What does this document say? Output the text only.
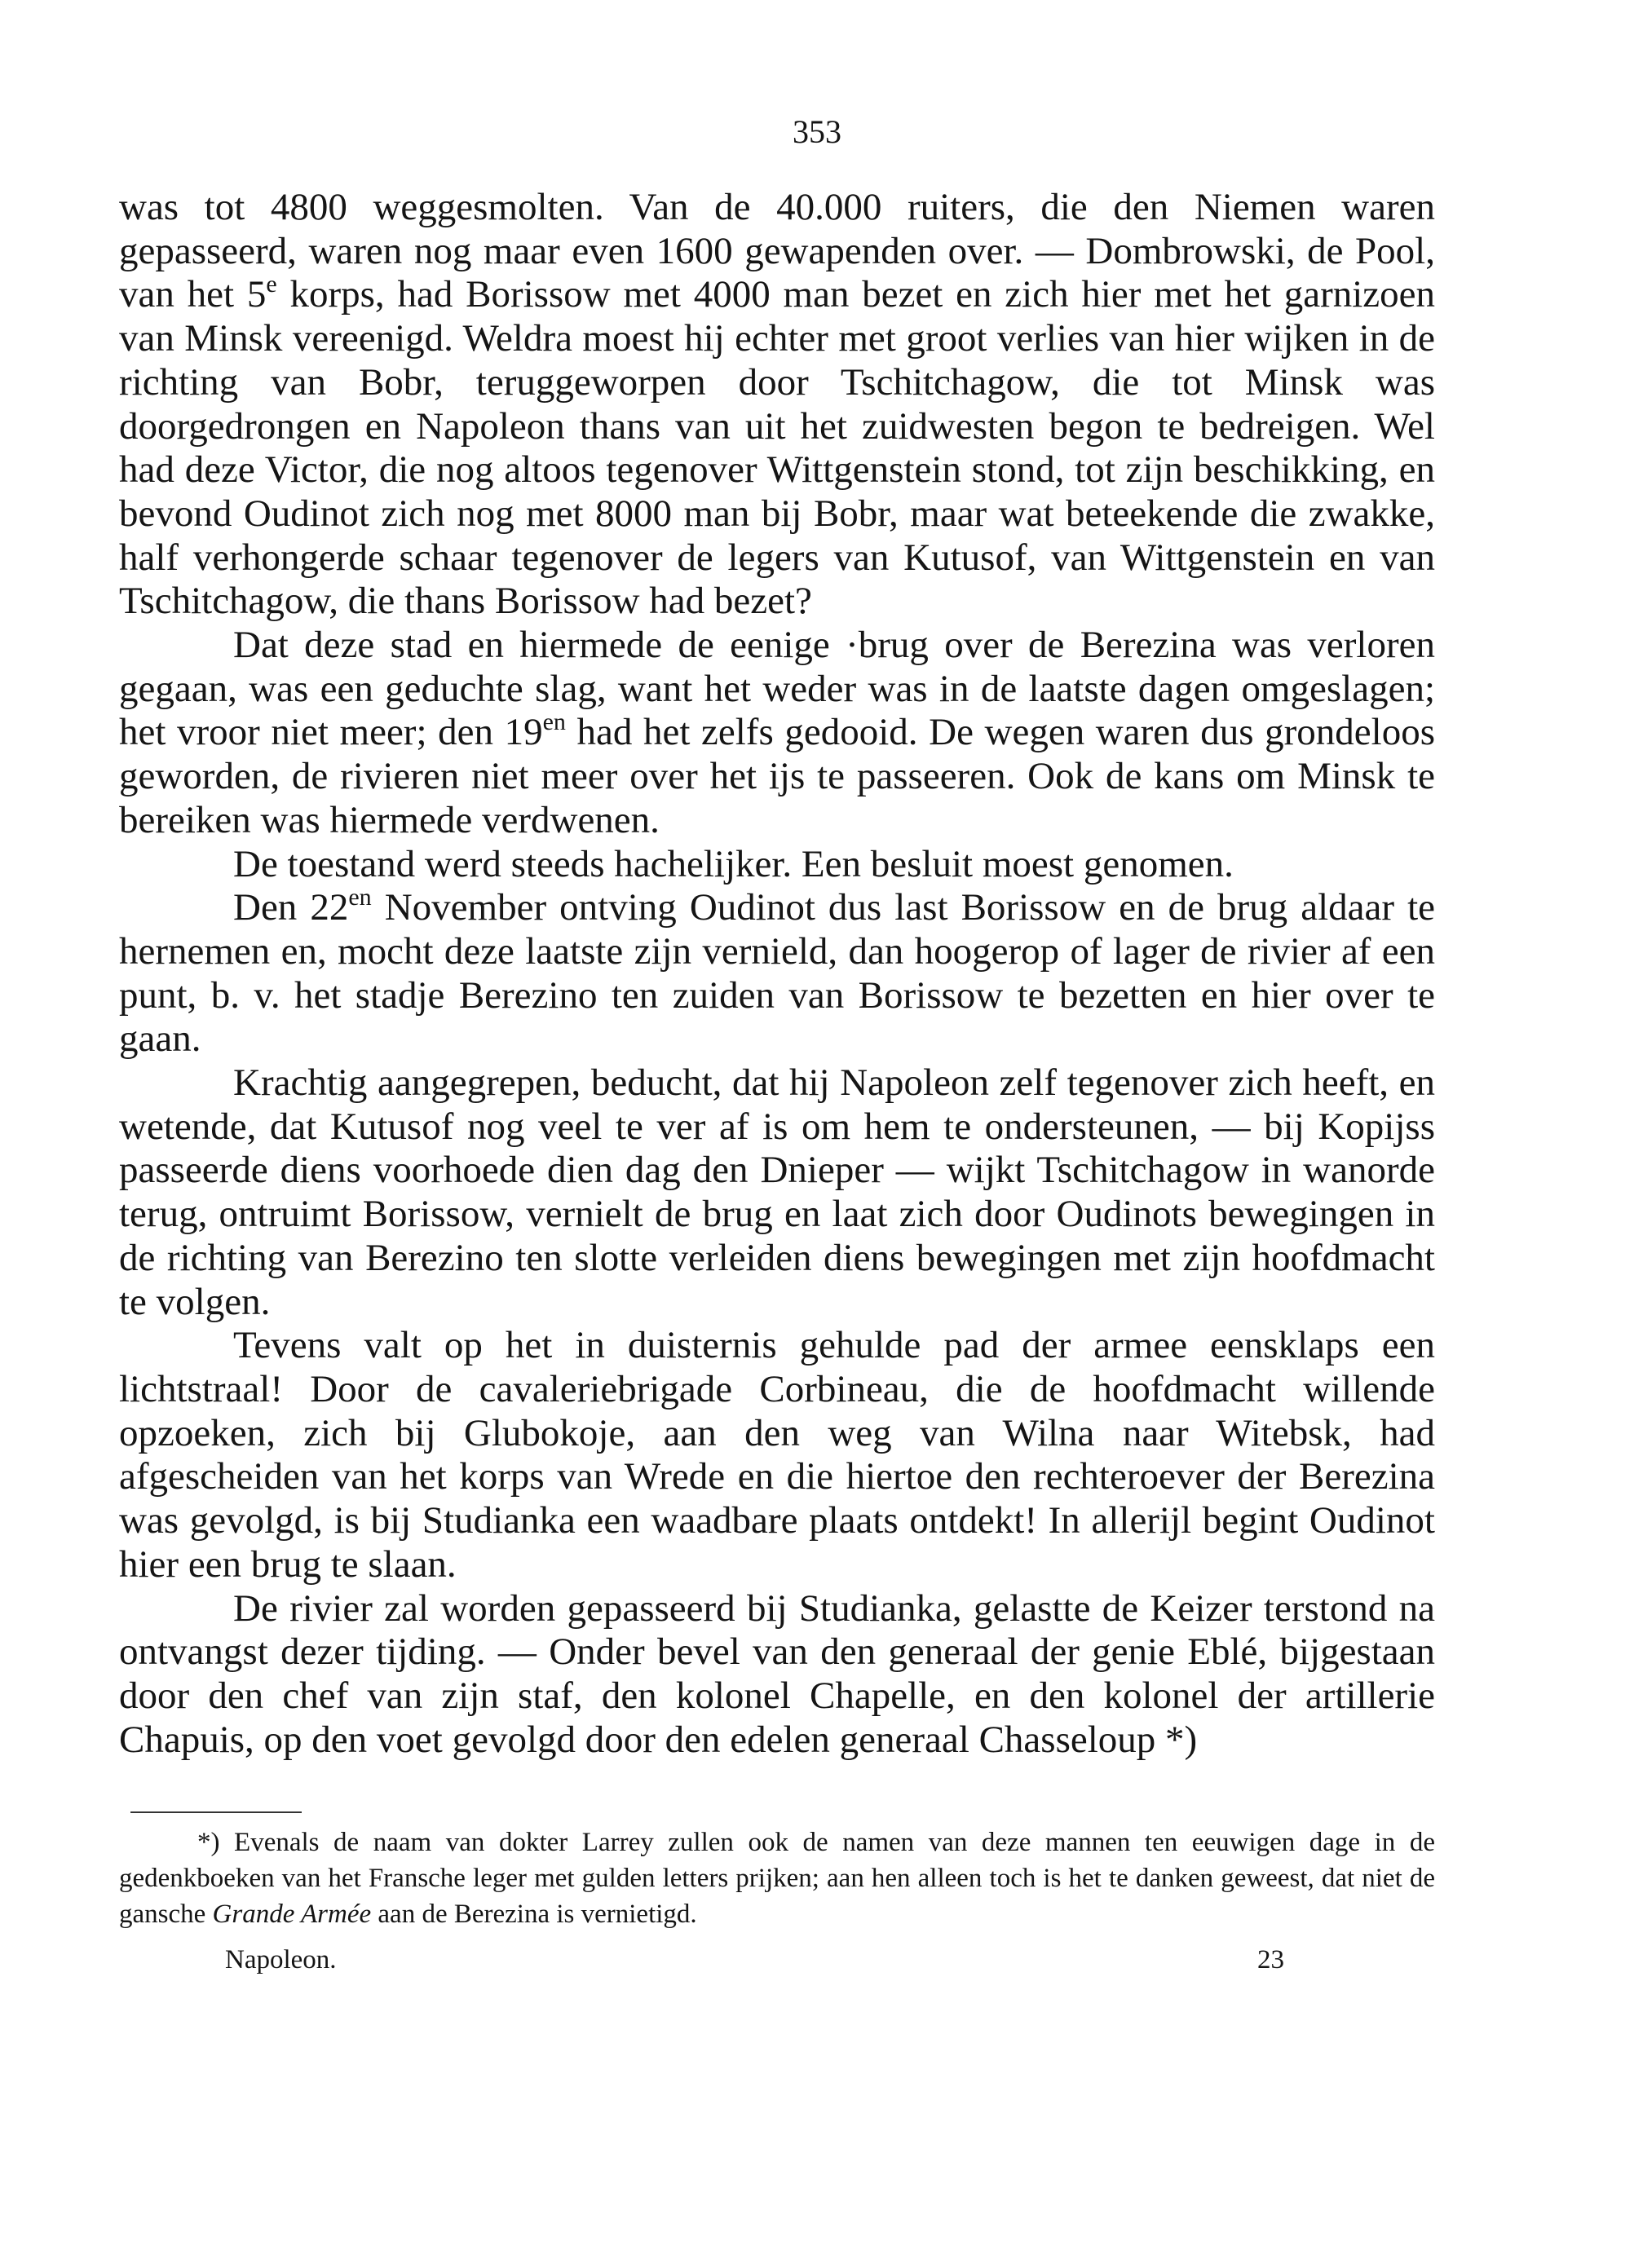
353

was tot 4800 weggesmolten. Van de 40.000 ruiters, die den Niemen waren gepasseerd, waren nog maar even 1600 gewapenden over. — Dombrowski, de Pool, van het 5e korps, had Borissow met 4000 man bezet en zich hier met het garnizoen van Minsk vereenigd. Weldra moest hij echter met groot verlies van hier wijken in de richting van Bobr, teruggeworpen door Tschitchagow, die tot Minsk was doorgedrongen en Napoleon thans van uit het zuidwesten begon te bedreigen. Wel had deze Victor, die nog altoos tegenover Wittgenstein stond, tot zijn beschikking, en bevond Oudinot zich nog met 8000 man bij Bobr, maar wat beteekende die zwakke, half verhongerde schaar tegenover de legers van Kutusof, van Wittgenstein en van Tschitchagow, die thans Borissow had bezet?

Dat deze stad en hiermede de eenige ·brug over de Berezina was verloren gegaan, was een geduchte slag, want het weder was in de laatste dagen omgeslagen; het vroor niet meer; den $19^{en}$ had het zelfs gedooid. De wegen waren dus grondeloos geworden, de rivieren niet meer over het ijs te passeeren. Ook de kans om Minsk te bereiken was hiermede verdwenen.

De toestand werd steeds hachelijker. Een besluit moest genomen.

Den $22^{en}$ November ontving Oudinot dus last Borissow en de brug aldaar te hernemen en, mocht deze laatste zijn vernield, dan hoogerop of lager de rivier af een punt, b. v. het stadje Berezino ten zuiden van Borissow te bezetten en hier over te gaan.

Krachtig aangegrepen, beducht, dat hij Napoleon zelf tegenover zich heeft, en wetende, dat Kutusof nog veel te ver af is om hem te ondersteunen, — bij Kopijss passeerde diens voorhoede dien dag den Dnieper — wijkt Tschitchagow in wanorde terug, ontruimt Borissow, vernielt de brug en laat zich door Oudinots bewegingen in de richting van Berezino ten slotte verleiden diens bewegingen met zijn hoofdmacht te volgen.

Tevens valt op het in duisternis gehulde pad der armee eensklaps een lichtstraal! Door de cavaleriebrigade Corbineau, die de hoofdmacht willende opzoeken, zich bij Glubokoje, aan den weg van Wilna naar Witebsk, had afgescheiden van het korps van Wrede en die hiertoe den rechteroever der Berezina was gevolgd, is bij Studianka een waadbare plaats ontdekt! In allerijl begint Oudinot hier een brug te slaan.

De rivier zal worden gepasseerd bij Studianka, gelastte de Keizer terstond na ontvangst dezer tijding. — Onder bevel van den generaal der genie Eblé, bijgestaan door den chef van zijn staf, den kolonel Chapelle, en den kolonel der artillerie Chapuis, op den voet gevolgd door den edelen generaal Chasseloup *)

*) Evenals de naam van dokter Larrey zullen ook de namen van deze mannen ten eeuwigen dage in de gedenkboeken van het Fransche leger met gulden letters prijken; aan hen alleen toch is het te danken geweest, dat niet de gansche Grande Armée aan de Berezina is vernietigd.

Napoleon.	23
